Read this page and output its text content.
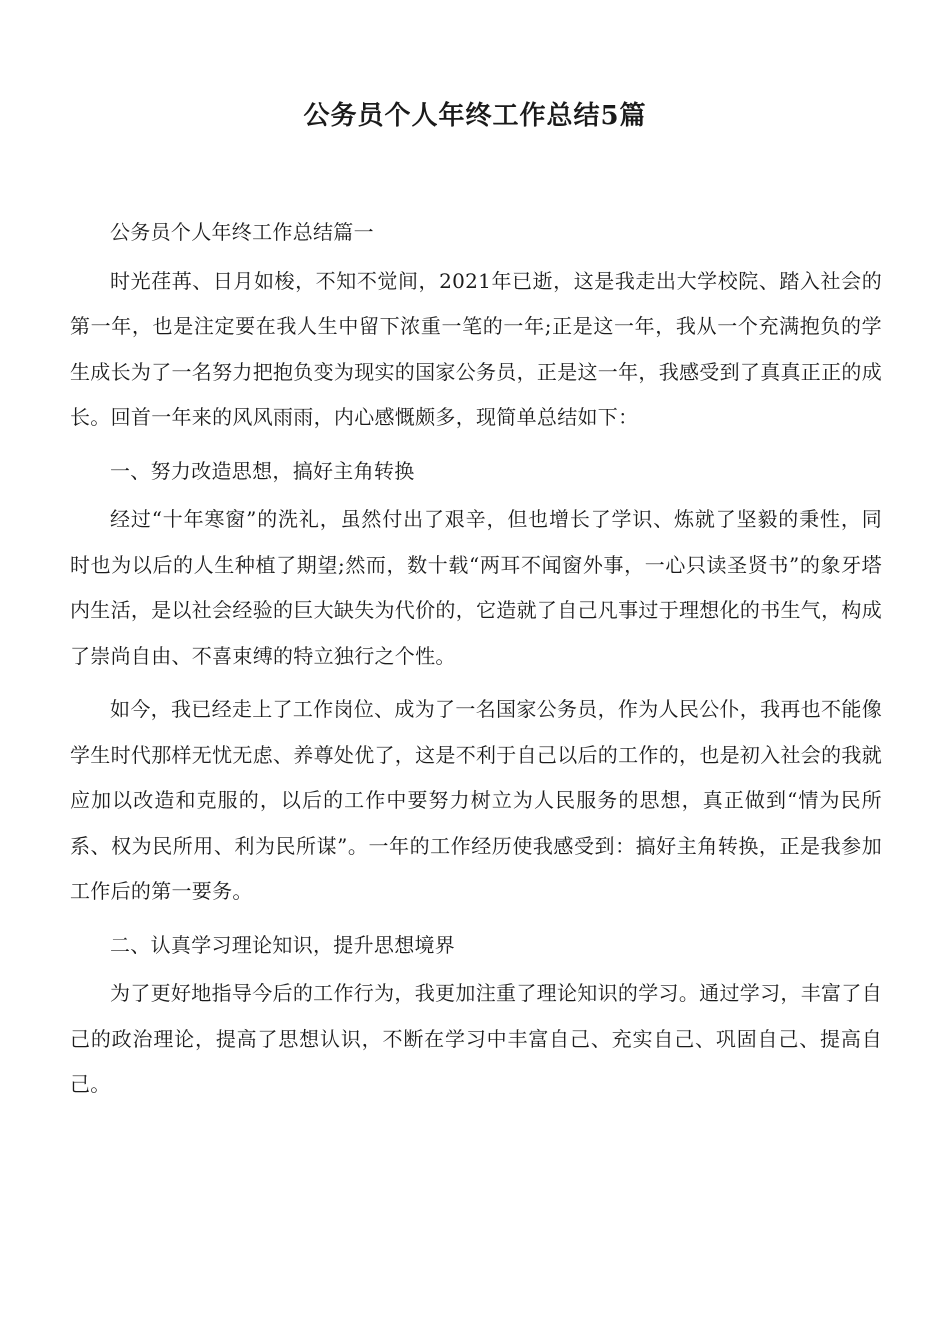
公务员个人年终工作总结5篇

公务员个人年终工作总结篇一

时光荏苒、日月如梭，不知不觉间，2021年已逝，这是我走出大学校院、踏入社会的第一年，也是注定要在我人生中留下浓重一笔的一年;正是这一年，我从一个充满抱负的学生成长为了一名努力把抱负变为现实的国家公务员，正是这一年，我感受到了真真正正的成长。回首一年来的风风雨雨，内心感慨颇多，现简单总结如下：

一、努力改造思想，搞好主角转换

经过“十年寒窗”的洗礼，虽然付出了艰辛，但也增长了学识、炼就了坚毅的秉性，同时也为以后的人生种植了期望;然而，数十载“两耳不闻窗外事，一心只读圣贤书”的象牙塔内生活，是以社会经验的巨大缺失为代价的，它造就了自己凡事过于理想化的书生气，构成了崇尚自由、不喜束缚的特立独行之个性。

如今，我已经走上了工作岗位、成为了一名国家公务员，作为人民公仆，我再也不能像学生时代那样无忧无虑、养尊处优了，这是不利于自己以后的工作的，也是初入社会的我就应加以改造和克服的，以后的工作中要努力树立为人民服务的思想，真正做到“情为民所系、权为民所用、利为民所谋”。一年的工作经历使我感受到：搞好主角转换，正是我参加工作后的第一要务。

二、认真学习理论知识，提升思想境界

为了更好地指导今后的工作行为，我更加注重了理论知识的学习。通过学习，丰富了自己的政治理论，提高了思想认识，不断在学习中丰富自己、充实自己、巩固自己、提高自己。
